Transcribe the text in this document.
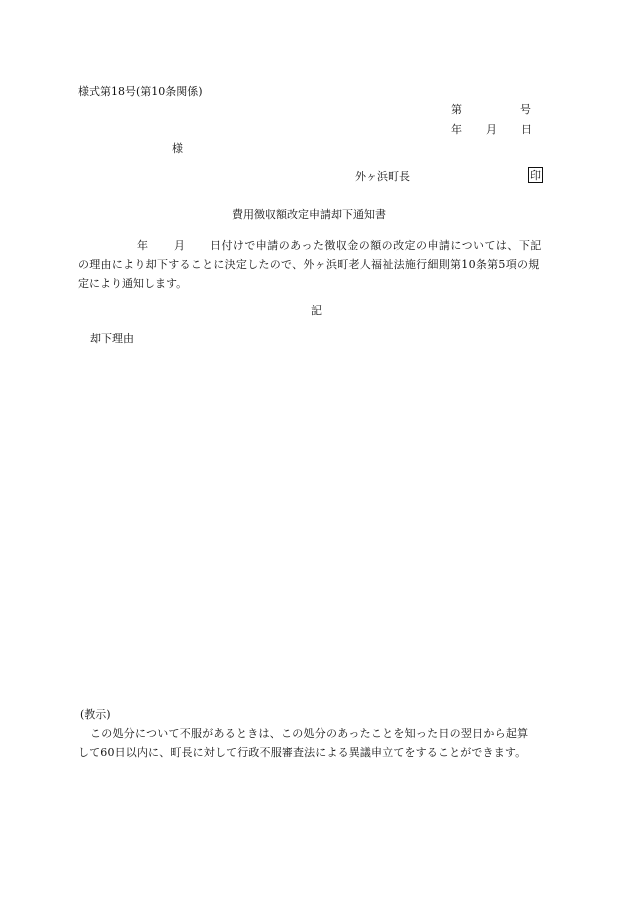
様式第18号(第10条関係)
第	号
年 月 日
様
外ヶ浜町長	印
費用徴収額改定申請却下通知書
年 月 日付けで申請のあった徴収金の額の改定の申請については、下記
の理由により却下することに決定したので、外ヶ浜町老人福祉法施行細則第10条第5項の規
定により通知します。
記
却下理由
(教示)
この処分について不服があるときは、この処分のあったことを知った日の翌日から起算
して60日以内に、町長に対して行政不服審査法による異議申立てをすることができます。
